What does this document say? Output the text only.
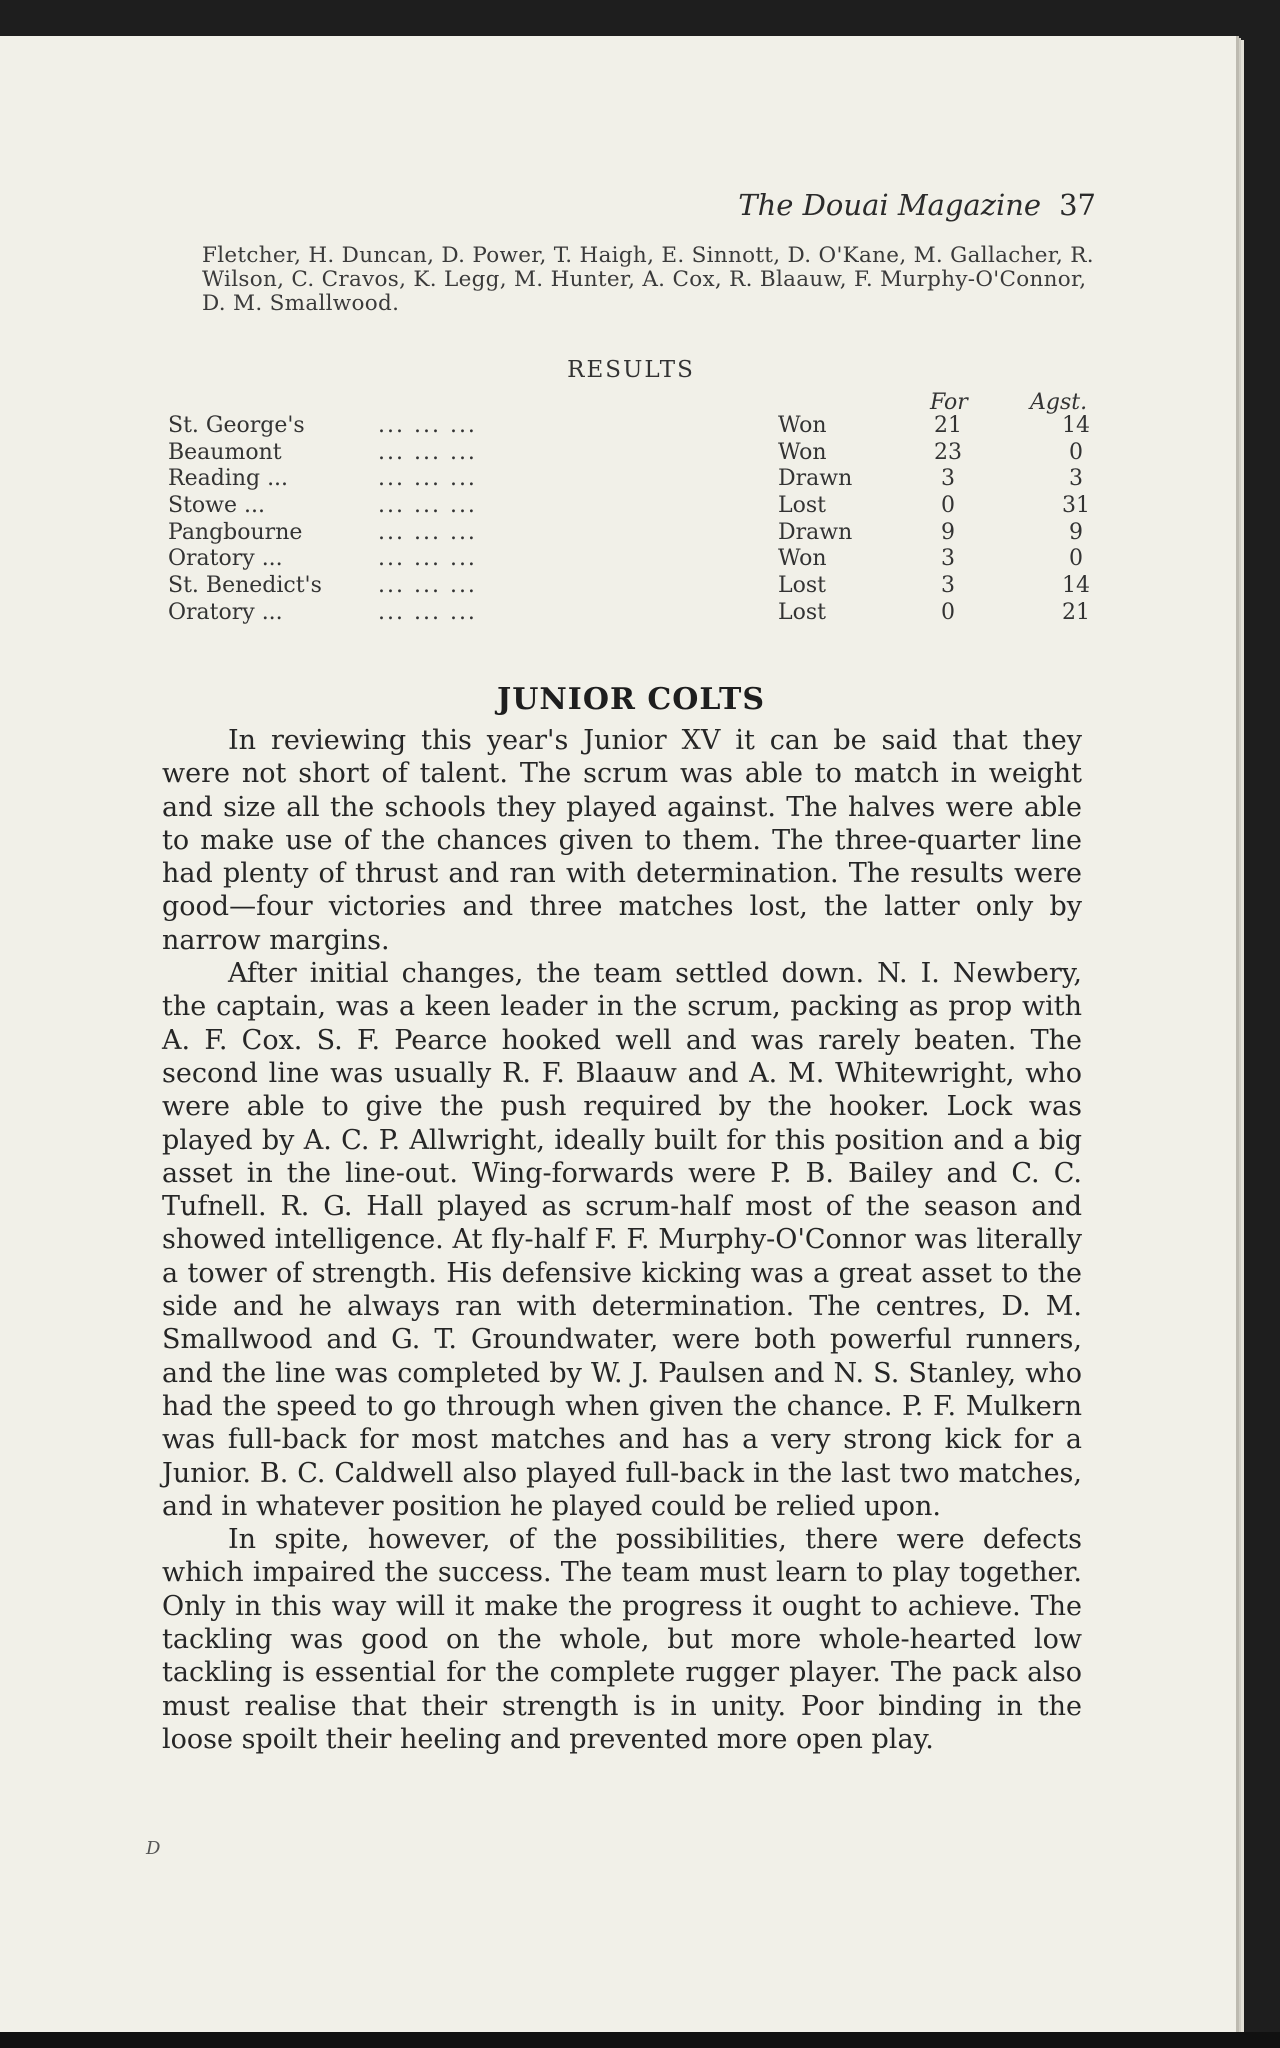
The Douai Magazine 37
Fletcher, H. Duncan, D. Power, T. Haigh, E. Sinnott, D. O'Kane, M. Gallacher, R. Wilson, C. Cravos, K. Legg, M. Hunter, A. Cox, R. Blaauw, F. Murphy-O'Connor, D. M. Smallwood.
RESULTS
For	Agst.
St. George's	... ... ...	Won	21	14
Beaumont	... ... ...	Won	23	0
Reading ...	... ... ...	Drawn	3	3
Stowe ...	... ... ...	Lost	0	31
Pangbourne	... ... ...	Drawn	9	9
Oratory ...	... ... ...	Won	3	0
St. Benedict's	... ... ...	Lost	3	14
Oratory ...	... ... ...	Lost	0	21
JUNIOR COLTS

In reviewing this year's Junior XV it can be said that they were not short of talent. The scrum was able to match in weight and size all the schools they played against. The halves were able to make use of the chances given to them. The three-quarter line had plenty of thrust and ran with determination. The results were good—four victories and three matches lost, the latter only by narrow margins.

After initial changes, the team settled down. N. I. Newbery, the captain, was a keen leader in the scrum, packing as prop with A. F. Cox. S. F. Pearce hooked well and was rarely beaten. The second line was usually R. F. Blaauw and A. M. Whitewright, who were able to give the push required by the hooker. Lock was played by A. C. P. Allwright, ideally built for this position and a big asset in the line-out. Wing-forwards were P. B. Bailey and C. C. Tufnell. R. G. Hall played as scrum-half most of the season and showed intelligence. At fly-half F. F. Murphy-O'Connor was literally a tower of strength. His defensive kicking was a great asset to the side and he always ran with determination. The centres, D. M. Smallwood and G. T. Groundwater, were both powerful runners, and the line was completed by W. J. Paulsen and N. S. Stanley, who had the speed to go through when given the chance. P. F. Mulkern was full-back for most matches and has a very strong kick for a Junior. B. C. Caldwell also played full-back in the last two matches, and in whatever position he played could be relied upon.

In spite, however, of the possibilities, there were defects which impaired the success. The team must learn to play together. Only in this way will it make the progress it ought to achieve. The tackling was good on the whole, but more whole-hearted low tackling is essential for the complete rugger player. The pack also must realise that their strength is in unity. Poor binding in the loose spoilt their heeling and prevented more open play.

D
